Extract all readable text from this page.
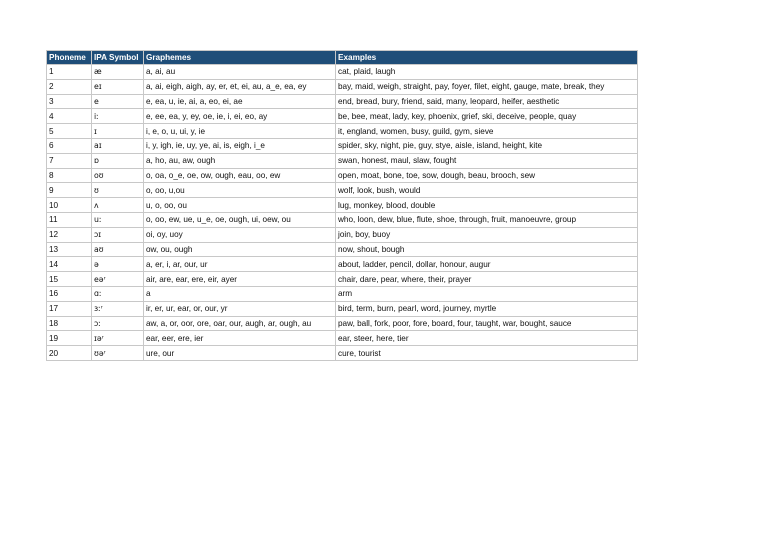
Phoneme	IPA Symbol	Graphemes	Examples
1	æ	a, ai, au	cat, plaid, laugh
2	eɪ	a, ai, eigh, aigh, ay, er, et, ei, au, a_e, ea, ey	bay, maid, weigh, straight, pay, foyer, filet, eight, gauge, mate, break, they
3	e	e, ea, u, ie, ai, a, eo, ei, ae	end, bread, bury, friend, said, many, leopard, heifer, aesthetic
4	iː	e, ee, ea, y, ey, oe, ie, i, ei, eo, ay	be, bee, meat, lady, key, phoenix, grief, ski, deceive, people, quay
5	ɪ	i, e, o, u, ui, y, ie	it, england, women, busy, guild, gym, sieve
6	aɪ	i, y, igh, ie, uy, ye, ai, is, eigh, i_e	spider, sky, night, pie, guy, stye, aisle, island, height, kite
7	ɒ	a, ho, au, aw, ough	swan, honest, maul, slaw, fought
8	oʊ	o, oa, o_e, oe, ow, ough, eau, oo, ew	open, moat, bone, toe, sow, dough, beau, brooch, sew
9	ʊ	o, oo, u,ou	wolf, look, bush, would
10	ʌ	u, o, oo, ou	lug, monkey, blood, double
11	uː	o, oo, ew, ue, u_e, oe, ough, ui, oew, ou	who, loon, dew, blue, flute, shoe, through, fruit, manoeuvre, group
12	ɔɪ	oi, oy, uoy	join, boy, buoy
13	aʊ	ow, ou, ough	now, shout, bough
14	ə	a, er, i, ar, our, ur	about, ladder, pencil, dollar, honour, augur
15	eəʳ	air, are, ear, ere, eir, ayer	chair, dare, pear, where, their, prayer
16	ɑː	a	arm
17	ɜːʳ	ir, er, ur, ear, or, our, yr	bird, term, burn, pearl, word, journey, myrtle
18	ɔː	aw, a, or, oor, ore, oar, our, augh, ar, ough, au	paw, ball, fork, poor, fore, board, four, taught, war, bought, sauce
19	ɪəʳ	ear, eer, ere, ier	ear, steer, here, tier
20	ʊəʳ	ure, our	cure, tourist
